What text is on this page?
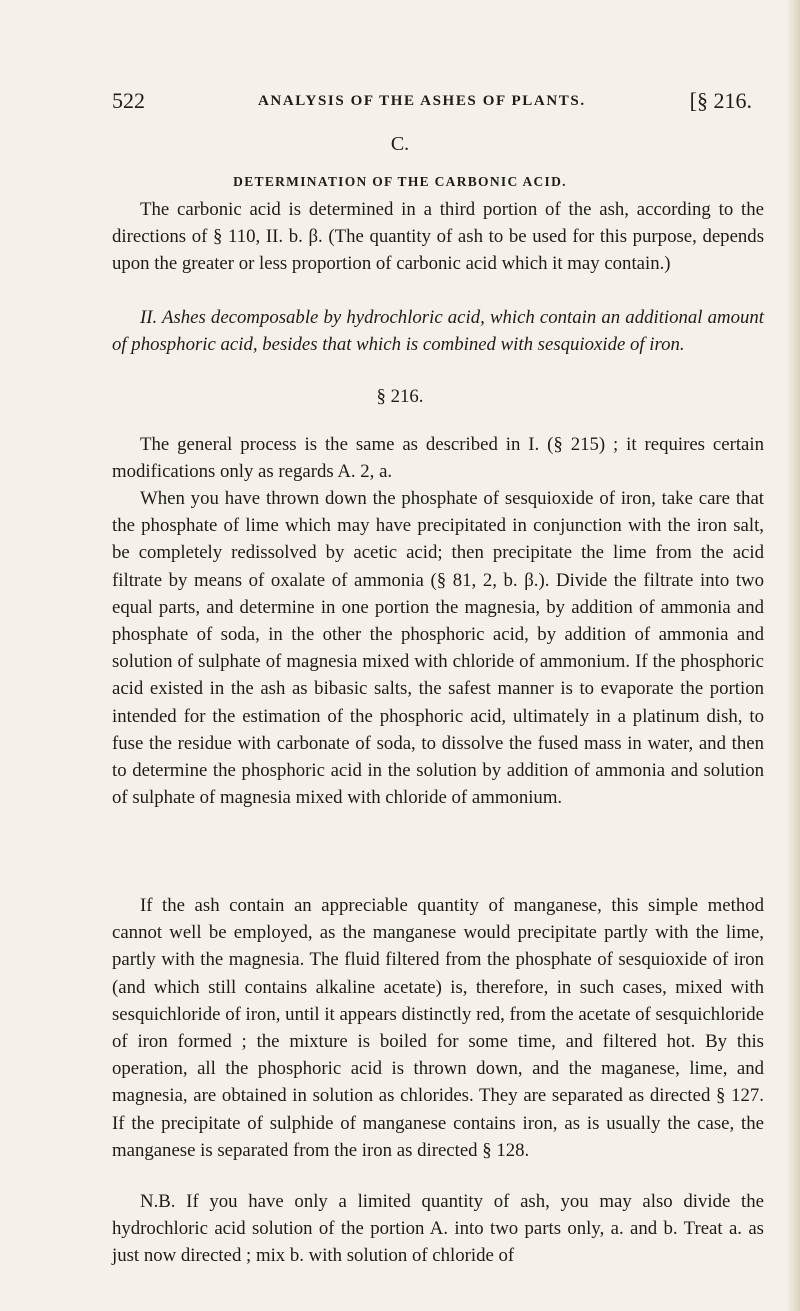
522	ANALYSIS OF THE ASHES OF PLANTS.	[§ 216.
C.
DETERMINATION OF THE CARBONIC ACID.

The carbonic acid is determined in a third portion of the ash, according to the directions of § 110, II. b. β. (The quantity of ash to be used for this purpose, depends upon the greater or less proportion of carbonic acid which it may contain.)

II. Ashes decomposable by hydrochloric acid, which contain an additional amount of phosphoric acid, besides that which is combined with sesquioxide of iron.

§ 216.

The general process is the same as described in I. (§ 215) ; it requires certain modifications only as regards A. 2, a.

When you have thrown down the phosphate of sesquioxide of iron, take care that the phosphate of lime which may have precipitated in conjunction with the iron salt, be completely redissolved by acetic acid; then precipitate the lime from the acid filtrate by means of oxalate of ammonia (§ 81, 2, b. β.). Divide the filtrate into two equal parts, and determine in one portion the magnesia, by addition of ammonia and phosphate of soda, in the other the phosphoric acid, by addition of ammonia and solution of sulphate of magnesia mixed with chloride of ammonium. If the phosphoric acid existed in the ash as bibasic salts, the safest manner is to evaporate the portion intended for the estimation of the phosphoric acid, ultimately in a platinum dish, to fuse the residue with carbonate of soda, to dissolve the fused mass in water, and then to determine the phosphoric acid in the solution by addition of ammonia and solution of sulphate of magnesia mixed with chloride of ammonium.

If the ash contain an appreciable quantity of manganese, this simple method cannot well be employed, as the manganese would precipitate partly with the lime, partly with the magnesia. The fluid filtered from the phosphate of sesquioxide of iron (and which still contains alkaline acetate) is, therefore, in such cases, mixed with sesquichloride of iron, until it appears distinctly red, from the acetate of sesquichloride of iron formed ; the mixture is boiled for some time, and filtered hot. By this operation, all the phosphoric acid is thrown down, and the maganese, lime, and magnesia, are obtained in solution as chlorides. They are separated as directed § 127. If the precipitate of sulphide of manganese contains iron, as is usually the case, the manganese is separated from the iron as directed § 128.

N.B. If you have only a limited quantity of ash, you may also divide the hydrochloric acid solution of the portion A. into two parts only, a. and b. Treat a. as just now directed ; mix b. with solution of chloride of
